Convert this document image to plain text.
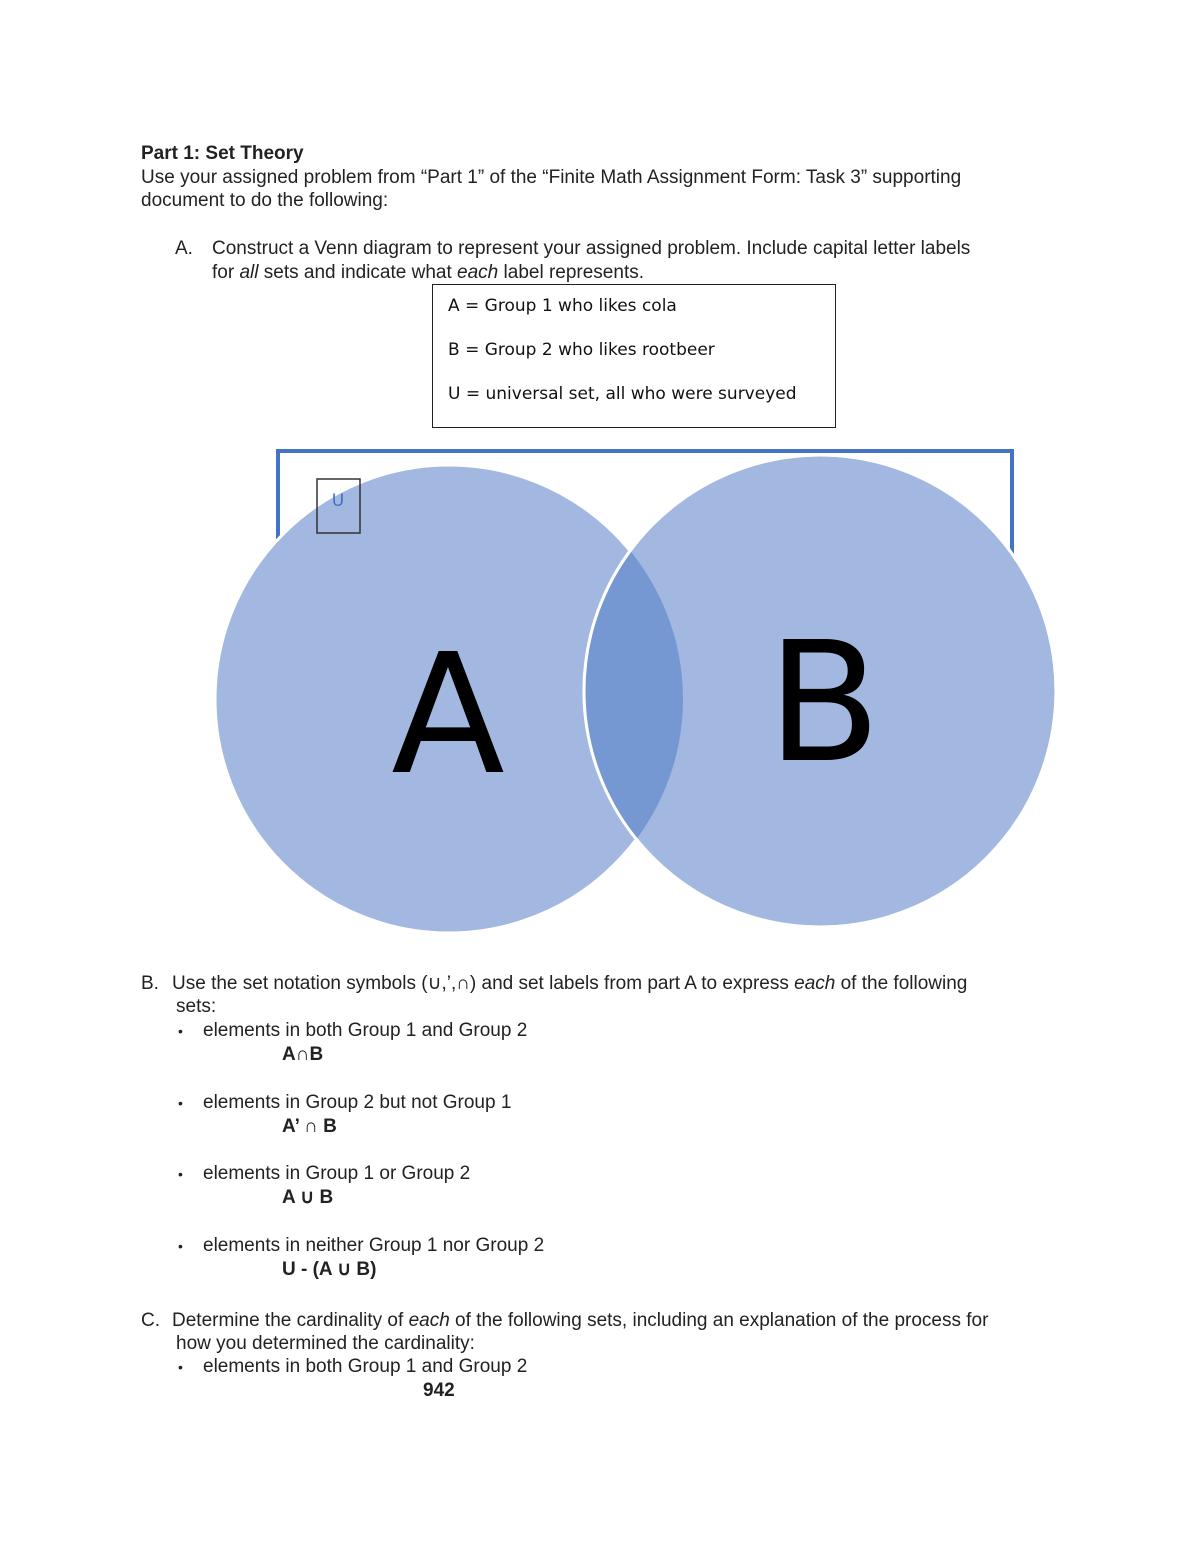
Part 1: Set Theory
Use your assigned problem from “Part 1” of the “Finite Math Assignment Form: Task 3” supporting
document to do the following:
A. Construct a Venn diagram to represent your assigned problem. Include capital letter labels
for all sets and indicate what each label represents.
A = Group 1 who likes cola
B = Group 2 who likes rootbeer
U = universal set, all who were surveyed
U
A B
B. Use the set notation symbols (∪,’,∩) and set labels from part A to express each of the following
sets:
• elements in both Group 1 and Group 2
A∩B
• elements in Group 2 but not Group 1
A’ ∩ B
• elements in Group 1 or Group 2
A ∪ B
• elements in neither Group 1 nor Group 2
U - (A ∪ B)
C. Determine the cardinality of each of the following sets, including an explanation of the process for
how you determined the cardinality:
• elements in both Group 1 and Group 2
942
